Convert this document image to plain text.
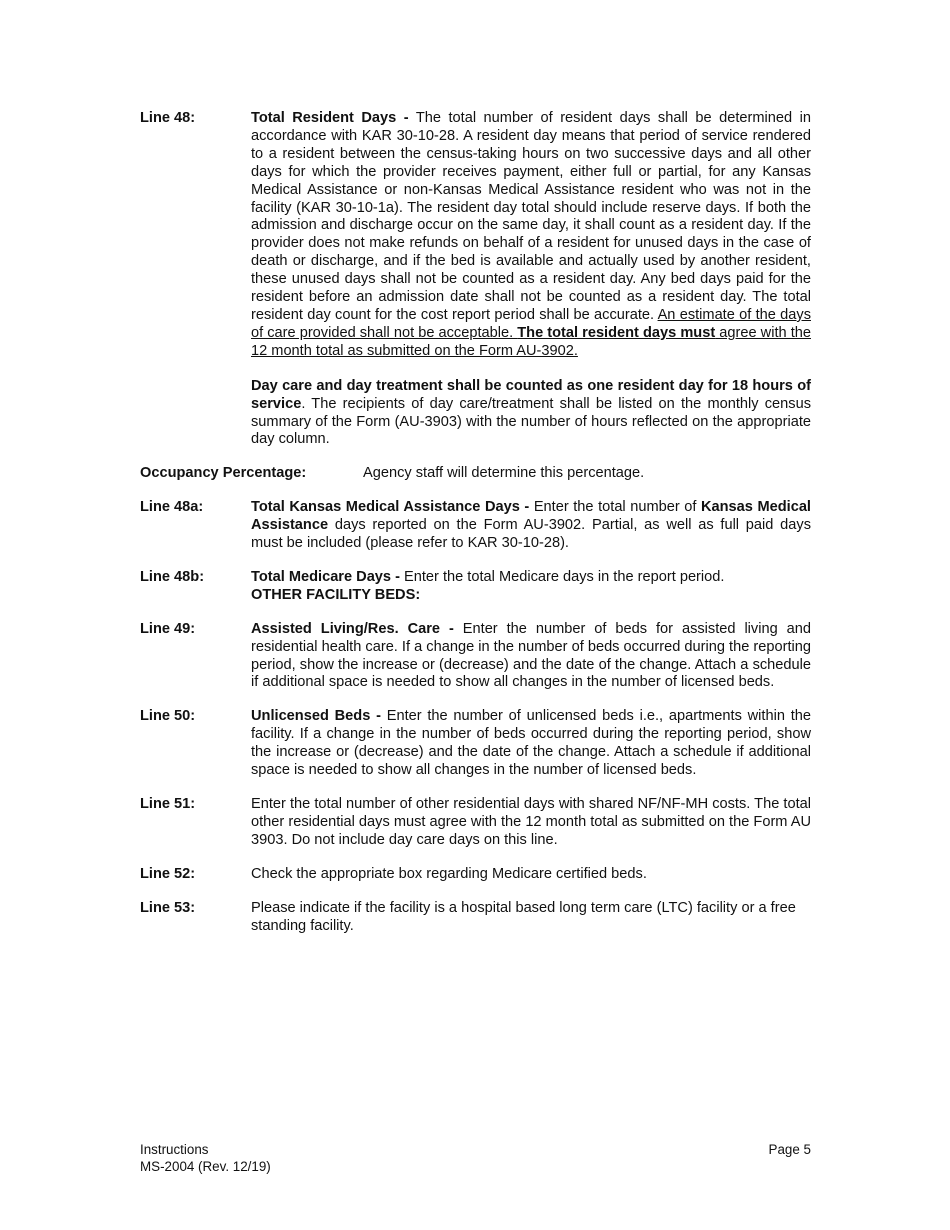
Line 48:	Total Resident Days - The total number of resident days shall be determined in accordance with KAR 30-10-28. A resident day means that period of service rendered to a resident between the census-taking hours on two successive days and all other days for which the provider receives payment, either full or partial, for any Kansas Medical Assistance or non-Kansas Medical Assistance resident who was not in the facility (KAR 30-10-1a). The resident day total should include reserve days. If both the admission and discharge occur on the same day, it shall count as a resident day. If the provider does not make refunds on behalf of a resident for unused days in the case of death or discharge, and if the bed is available and actually used by another resident, these unused days shall not be counted as a resident day. Any bed days paid for the resident before an admission date shall not be counted as a resident day. The total resident day count for the cost report period shall be accurate. An estimate of the days of care provided shall not be acceptable. The total resident days must agree with the 12 month total as submitted on the Form AU-3902.

Day care and day treatment shall be counted as one resident day for 18 hours of service. The recipients of day care/treatment shall be listed on the monthly census summary of the Form (AU-3903) with the number of hours reflected on the appropriate day column.

Occupancy Percentage:	Agency staff will determine this percentage.
Line 48a:	Total Kansas Medical Assistance Days - Enter the total number of Kansas Medical Assistance days reported on the Form AU-3902. Partial, as well as full paid days must be included (please refer to KAR 30-10-28).

Line 48b:	Total Medicare Days - Enter the total Medicare days in the report period.

OTHER FACILITY BEDS:
Line 49:	Assisted Living/Res. Care - Enter the number of beds for assisted living and residential health care. If a change in the number of beds occurred during the reporting period, show the increase or (decrease) and the date of the change. Attach a schedule if additional space is needed to show all changes in the number of licensed beds.

Line 50:	Unlicensed Beds - Enter the number of unlicensed beds i.e., apartments within the facility. If a change in the number of beds occurred during the reporting period, show the increase or (decrease) and the date of the change. Attach a schedule if additional space is needed to show all changes in the number of licensed beds.

Line 51:	Enter the total number of other residential days with shared NF/NF-MH costs. The total other residential days must agree with the 12 month total as submitted on the Form AU 3903. Do not include day care days on this line.

Line 52:	Check the appropriate box regarding Medicare certified beds.

Line 53:	Please indicate if the facility is a hospital based long term care (LTC) facility or a free standing facility.

Instructions	Page 5
MS-2004 (Rev. 12/19)
